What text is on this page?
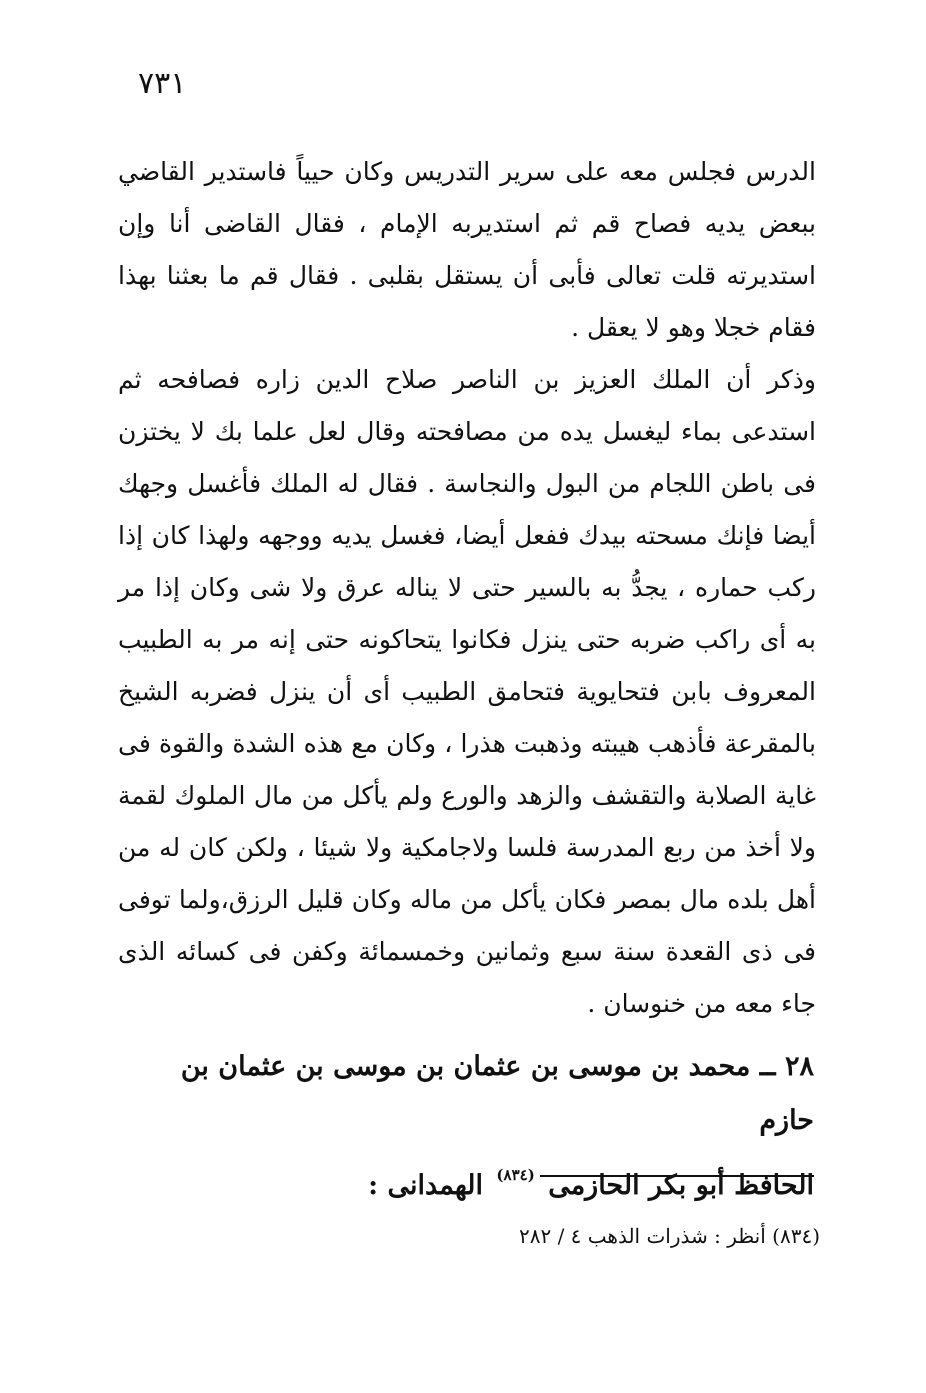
٧٣١

الدرس فجلس معه على سرير التدريس وكان حيياً فاستدير القاضي ببعض يديه فصاح قم ثم استديربه الإمام ، فقال القاضى أنا وإن استديرته قلت تعالى فأبى أن يستقل بقلبى . فقال قم ما بعثنا بهذا فقام خجلا وهو لا يعقل .

وذكر أن الملك العزيز بن الناصر صلاح الدين زاره فصافحه ثم استدعى بماء ليغسل يده من مصافحته وقال لعل علما بك لا يختزن فى باطن اللجام من البول والنجاسة . فقال له الملك فأغسل وجهك أيضا فإنك مسحته بيدك ففعل أيضا، فغسل يديه ووجهه ولهذا كان إذا ركب حماره ، يجدُّ به بالسير حتى لا يناله عرق ولا شى وكان إذا مر به أى راكب ضربه حتى ينزل فكانوا يتحاكونه حتى إنه مر به الطبيب المعروف بابن فتحايوية فتحامق الطبيب أى أن ينزل فضربه الشيخ بالمقرعة فأذهب هيبته وذهبت هذرا ، وكان مع هذه الشدة والقوة فى غاية الصلابة والتقشف والزهد والورع ولم يأكل من مال الملوك لقمة ولا أخذ من ربع المدرسة فلسا ولاجامكية ولا شيئا ، ولكن كان له من أهل بلده مال بمصر فكان يأكل من ماله وكان قليل الرزق،ولما توفى فى ذى القعدة سنة سبع وثمانين وخمسمائة وكفن فى كسائه الذى جاء معه من خنوسان .

٢٨ ــ محمد بن موسى بن عثمان بن موسى بن عثمان بن حازم
الحافظ أبو بكر الحازمى $^{(٨٣٤)}$ الهمدانى :
(٨٣٤) أنظر : شذرات الذهب ٤ / ٢٨٢
